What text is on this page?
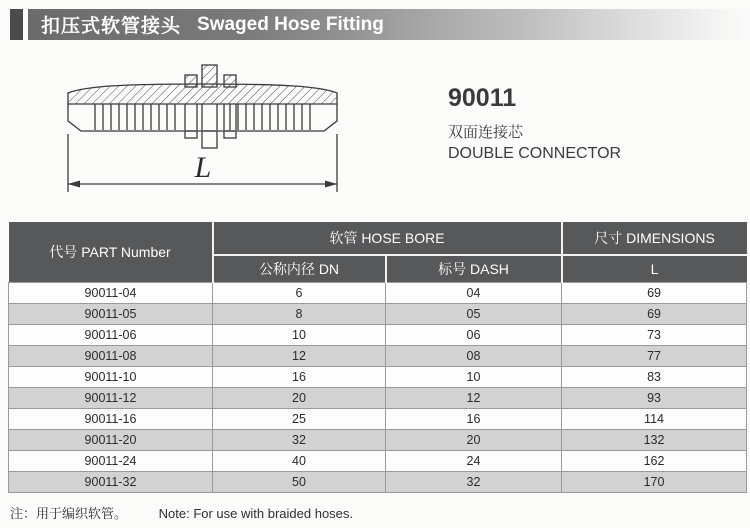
扣压式软管接头 Swaged Hose Fitting
L
90011
双面连接芯
DOUBLE CONNECTOR
代号 PART Number	软管 HOSE BORE		尺寸 DIMENSIONS
	公称内径 DN	标号 DASH	L
90011-04	6	04	69
90011-05	8	05	69
90011-06	10	06	73
90011-08	12	08	77
90011-10	16	10	83
90011-12	20	12	93
90011-16	25	16	114
90011-20	32	20	132
90011-24	40	24	162
90011-32	50	32	170
注：用于编织软管。 Note: For use with braided hoses.
